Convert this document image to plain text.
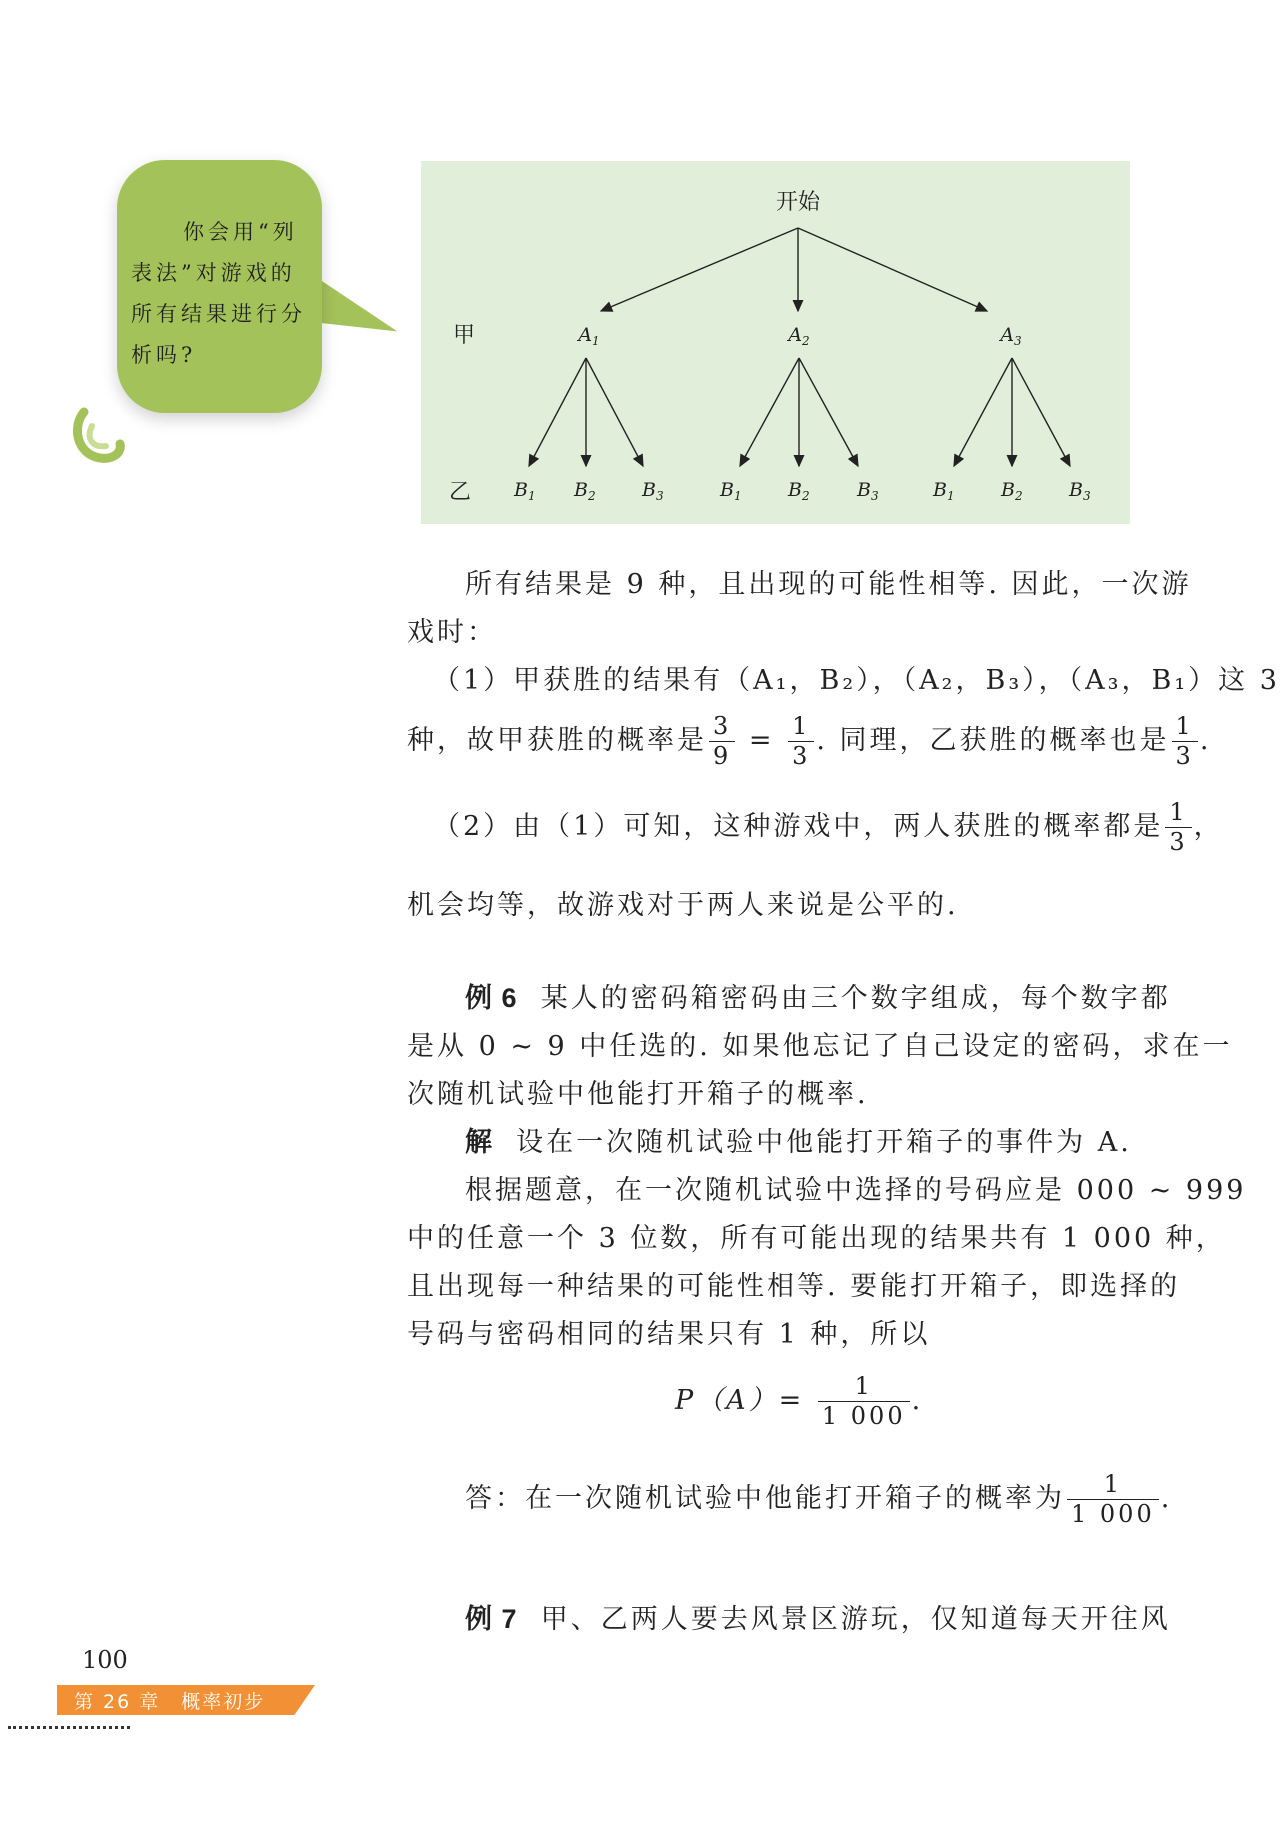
你会用“列

表法”对游戏的

所有结果进行分

析吗?

开始
甲
乙
$A_1$	$A_2$	$A_3$
$B_1$ $B_2$ $B_3$	$B_1$ $B_2$ $B_3$	$B_1$ $B_2$ $B_3$
所有结果是 9 种，且出现的可能性相等. 因此，一次游
戏时：
（1）甲获胜的结果有（A₁，B₂），（A₂，B₃），（A₃，B₁）这 3
种，故甲获胜的概率是 $\frac{3}{9} = \frac{1}{3}$ . 同理，乙获胜的概率也是 $\frac{1}{3}$ .
（2）由（1）可知，这种游戏中，两人获胜的概率都是 $\frac{1}{3}$ ，
机会均等，故游戏对于两人来说是公平的.
例 6 某人的密码箱密码由三个数字组成，每个数字都
是从 0 ~ 9 中任选的. 如果他忘记了自己设定的密码，求在一
次随机试验中他能打开箱子的概率.
解 设在一次随机试验中他能打开箱子的事件为 A.
根据题意，在一次随机试验中选择的号码应是 000 ~ 999
中的任意一个 3 位数，所有可能出现的结果共有 1 000 种，
且出现每一种结果的可能性相等. 要能打开箱子，即选择的
号码与密码相同的结果只有 1 种，所以
$P(A)= \frac{1}{1 000}$ .
答：在一次随机试验中他能打开箱子的概率为 $\frac{1}{1 000}$ .
例 7 甲、乙两人要去风景区游玩，仅知道每天开往风
100
第 26 章　概率初步
